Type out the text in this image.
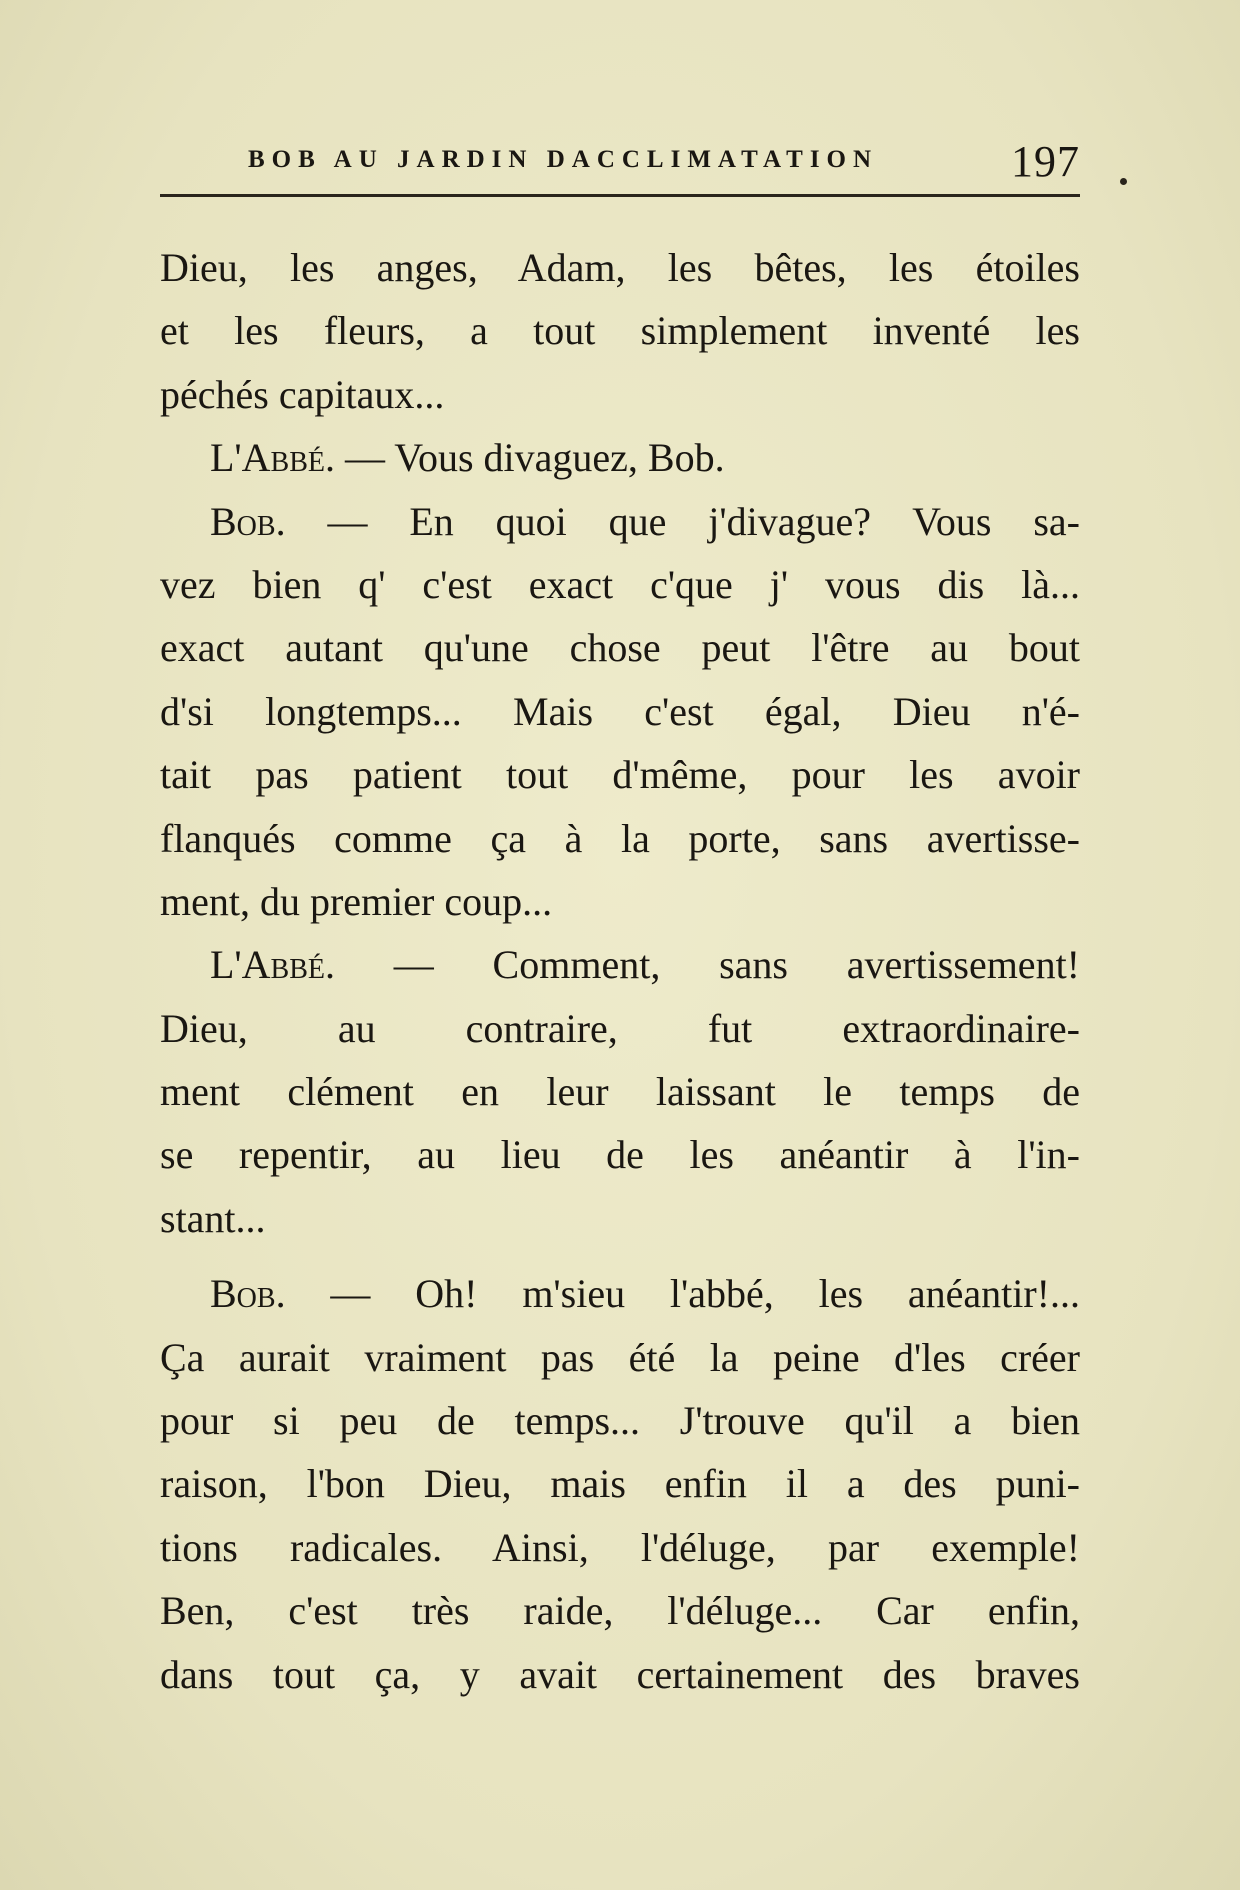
BOB AU JARDIN DACCLIMATATION	197
Dieu, les anges, Adam, les bêtes, les étoiles
et les fleurs, a tout simplement inventé les
péchés capitaux...
L'Abbé. — Vous divaguez, Bob.
Bob. — En quoi que j'divague? Vous sa-
vez bien q' c'est exact c'que j' vous dis là...
exact autant qu'une chose peut l'être au bout
d'si longtemps... Mais c'est égal, Dieu n'é-
tait pas patient tout d'même, pour les avoir
flanqués comme ça à la porte, sans avertisse-
ment, du premier coup...
L'Abbé. — Comment, sans avertissement!
Dieu, au contraire, fut extraordinaire-
ment clément en leur laissant le temps de
se repentir, au lieu de les anéantir à l'in-
stant...
Bob. — Oh! m'sieu l'abbé, les anéantir!...
Ça aurait vraiment pas été la peine d'les créer
pour si peu de temps... J'trouve qu'il a bien
raison, l'bon Dieu, mais enfin il a des puni-
tions radicales. Ainsi, l'déluge, par exemple!
Ben, c'est très raide, l'déluge... Car enfin,
dans tout ça, y avait certainement des braves
